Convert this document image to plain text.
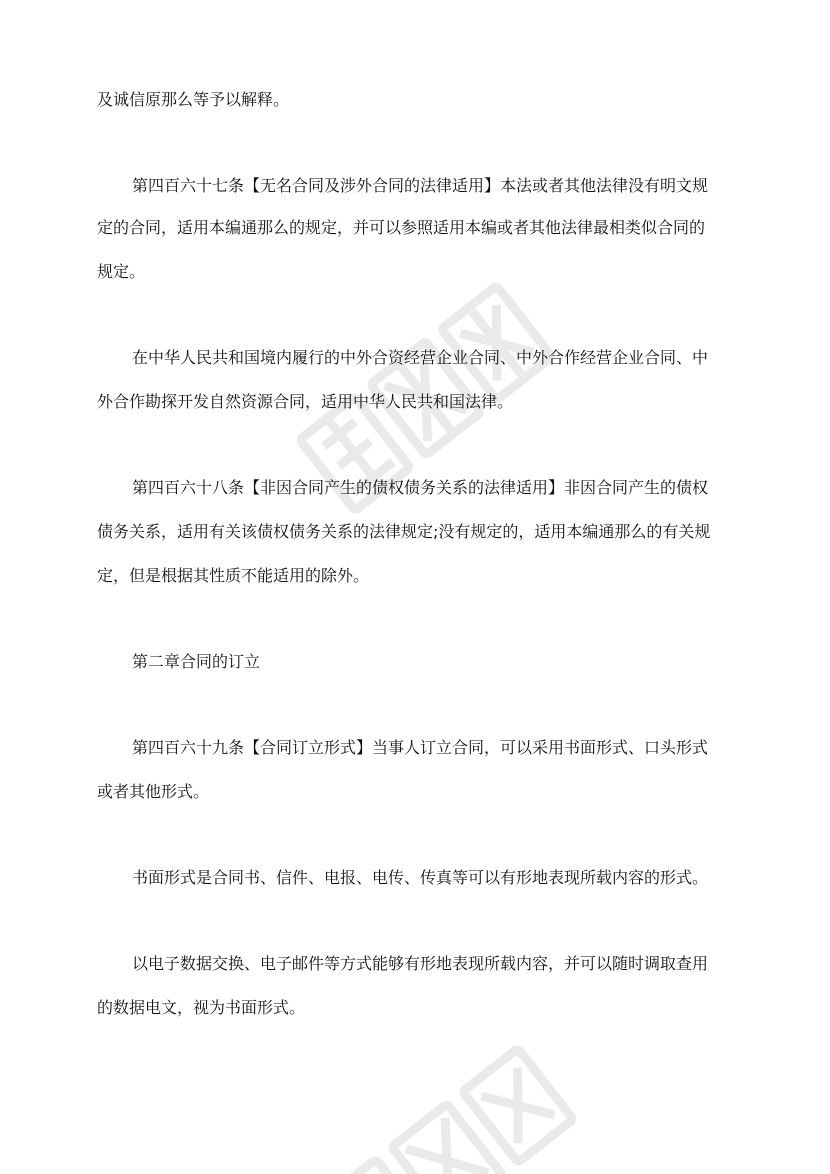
及诚信原那么等予以解释。

第四百六十七条【无名合同及涉外合同的法律适用】本法或者其他法律没有明文规

定的合同，适用本编通那么的规定，并可以参照适用本编或者其他法律最相类似合同的

规定。

在中华人民共和国境内履行的中外合资经营企业合同、中外合作经营企业合同、中

外合作勘探开发自然资源合同，适用中华人民共和国法律。

第四百六十八条【非因合同产生的债权债务关系的法律适用】非因合同产生的债权

债务关系，适用有关该债权债务关系的法律规定;没有规定的，适用本编通那么的有关规

定，但是根据其性质不能适用的除外。

第二章合同的订立

第四百六十九条【合同订立形式】当事人订立合同，可以采用书面形式、口头形式

或者其他形式。

书面形式是合同书、信件、电报、电传、传真等可以有形地表现所载内容的形式。

以电子数据交换、电子邮件等方式能够有形地表现所载内容，并可以随时调取查用

的数据电文，视为书面形式。
